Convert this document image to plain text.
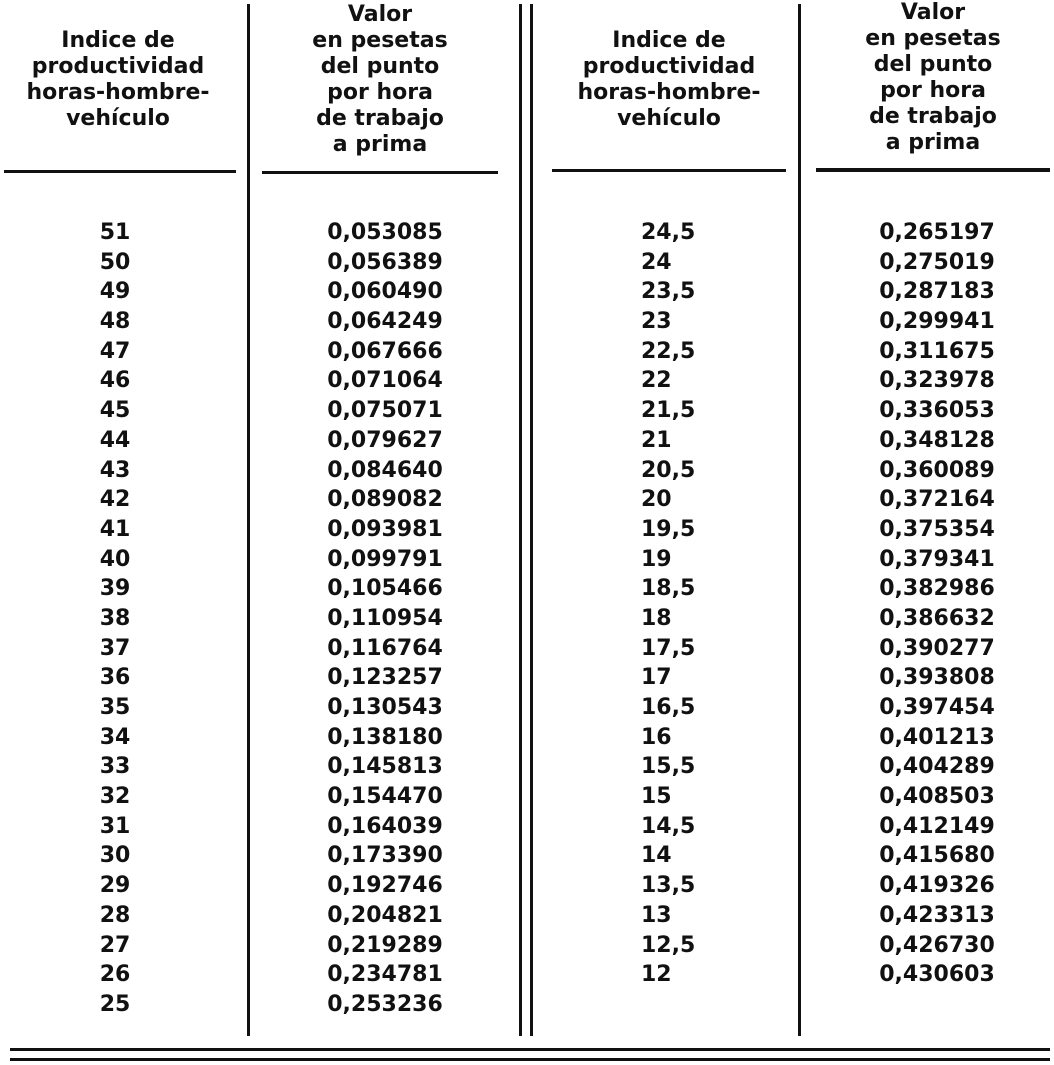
Indice de
productividad
horas-hombre-
vehículo
Valor
en pesetas
del punto
por hora
de trabajo
a prima
Indice de
productividad
horas-hombre-
vehículo
Valor
en pesetas
del punto
por hora
de trabajo
a prima
51
50
49
48
47
46
45
44
43
42
41
40
39
38
37
36
35
34
33
32
31
30
29
28
27
26
25
0,053085
0,056389
0,060490
0,064249
0,067666
0,071064
0,075071
0,079627
0,084640
0,089082
0,093981
0,099791
0,105466
0,110954
0,116764
0,123257
0,130543
0,138180
0,145813
0,154470
0,164039
0,173390
0,192746
0,204821
0,219289
0,234781
0,253236
24,5
24
23,5
23
22,5
22
21,5
21
20,5
20
19,5
19
18,5
18
17,5
17
16,5
16
15,5
15
14,5
14
13,5
13
12,5
12
0,265197
0,275019
0,287183
0,299941
0,311675
0,323978
0,336053
0,348128
0,360089
0,372164
0,375354
0,379341
0,382986
0,386632
0,390277
0,393808
0,397454
0,401213
0,404289
0,408503
0,412149
0,415680
0,419326
0,423313
0,426730
0,430603
